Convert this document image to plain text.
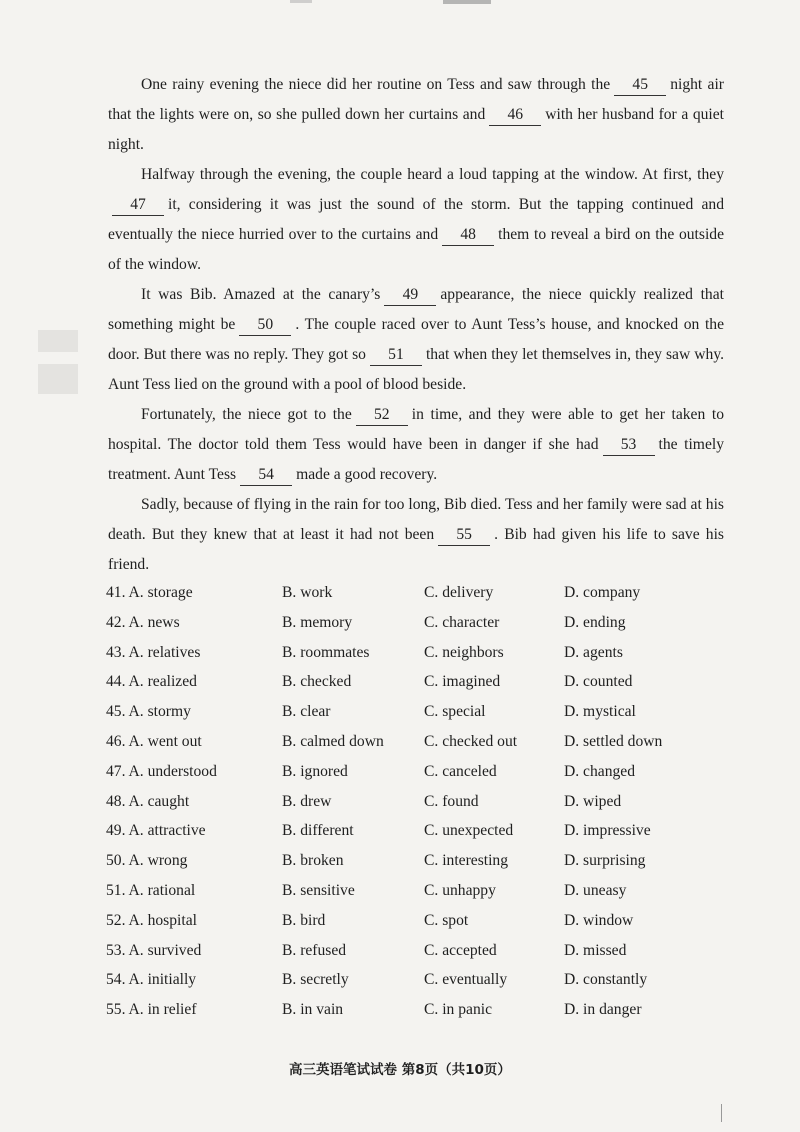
One rainy evening the niece did her routine on Tess and saw through the 45 night air that the lights were on, so she pulled down her curtains and 46 with her husband for a quiet night.

Halfway through the evening, the couple heard a loud tapping at the window. At first, they47 it, considering it was just the sound of the storm. But the tapping continued and eventually the niece hurried over to the curtains and 48 them to reveal a bird on the outside of the window.

It was Bib. Amazed at the canary’s 49 appearance, the niece quickly realized that something might be 50 . The couple raced over to Aunt Tess’s house, and knocked on the door. But there was no reply. They got so 51 that when they let themselves in, they saw why. Aunt Tess lied on the ground with a pool of blood beside.

Fortunately, the niece got to the 52 in time, and they were able to get her taken to hospital. The doctor told them Tess would have been in danger if she had 53 the timely treatment. Aunt Tess 54 made a good recovery.

Sadly, because of flying in the rain for too long, Bib died. Tess and her family were sad at his death. But they knew that at least it had not been 55 . Bib had given his life to save his friend.

41. A. storage	B. work	C. delivery	D. company
42. A. news	B. memory	C. character	D. ending
43. A. relatives	B. roommates	C. neighbors	D. agents
44. A. realized	B. checked	C. imagined	D. counted
45. A. stormy	B. clear	C. special	D. mystical
46. A. went out	B. calmed down	C. checked out	D. settled down
47. A. understood	B. ignored	C. canceled	D. changed
48. A. caught	B. drew	C. found	D. wiped
49. A. attractive	B. different	C. unexpected	D. impressive
50. A. wrong	B. broken	C. interesting	D. surprising
51. A. rational	B. sensitive	C. unhappy	D. uneasy
52. A. hospital	B. bird	C. spot	D. window
53. A. survived	B. refused	C. accepted	D. missed
54. A. initially	B. secretly	C. eventually	D. constantly
55. A. in relief	B. in vain	C. in panic	D. in danger
高三英语笔试试卷 第8页（共10页）
